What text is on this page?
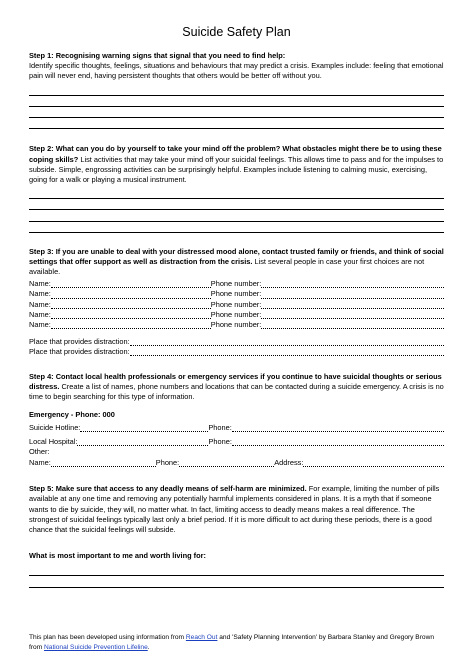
Suicide Safety Plan
Step 1: Recognising warning signs that signal that you need to find help:
Identify specific thoughts, feelings, situations and behaviours that may predict a crisis. Examples include: feeling that emotional pain will never end, having persistent thoughts that others would be better off without you.
Step 2: What can you do by yourself to take your mind off the problem? What obstacles might there be to using these coping skills? List activities that may take your mind off your suicidal feelings. This allows time to pass and for the impulses to subside. Simple, engrossing activities can be surprisingly helpful. Examples include listening to calming music, exercising, going for a walk or playing a musical instrument.
Step 3: If you are unable to deal with your distressed mood alone, contact trusted family or friends, and think of social settings that offer support as well as distraction from the crisis. List several people in case your first choices are not available.
Name:	Phone number:
Name:	Phone number:
Name:	Phone number:
Name:	Phone number:
Name:	Phone number:
Place that provides distraction:
Place that provides distraction:
Step 4: Contact local health professionals or emergency services if you continue to have suicidal thoughts or serious distress. Create a list of names, phone numbers and locations that can be contacted during a suicide emergency. A crisis is no time to begin searching for this type of information.
Emergency - Phone: 000
Suicide Hotline:	Phone:
Local Hospital:	Phone:
Other:
Name:	Phone:	Address:
Step 5: Make sure that access to any deadly means of self-harm are minimized. For example, limiting the number of pills available at any one time and removing any potentially harmful implements considered in plans. It is a myth that if someone wants to die by suicide, they will, no matter what. In fact, limiting access to deadly means makes a real difference. The strongest of suicidal feelings typically last only a brief period. If it is more difficult to act during these periods, there is a good chance that the suicidal feelings will subside.
What is most important to me and worth living for:
This plan has been developed using information from Reach Out and 'Safety Planning Intervention' by Barbara Stanley and Gregory Brown from National Suicide Prevention Lifeline.
